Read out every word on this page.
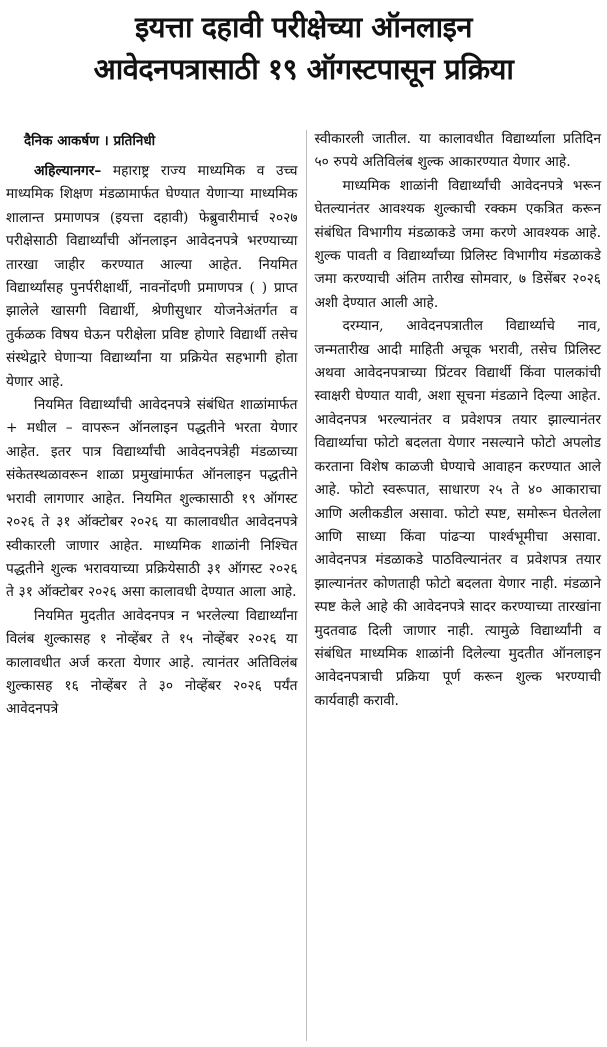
इयत्ता दहावी परीक्षेच्या ऑनलाइन
आवेदनपत्रासाठी १९ ऑगस्टपासून प्रक्रिया
दैनिक आकर्षण । प्रतिनिधी

अहिल्यानगर– महाराष्ट्र राज्य माध्यमिक व उच्च माध्यमिक शिक्षण मंडळामार्फत घेण्यात येणाऱ्या माध्यमिक शालान्त प्रमाणपत्र (इयत्ता दहावी) फेब्रुवारीमार्च २०२७ परीक्षेसाठी विद्यार्थ्यांची ऑनलाइन आवेदनपत्रे भरण्याच्या तारखा जाहीर करण्यात आल्या आहेत. नियमित विद्यार्थ्यांसह पुनर्परीक्षार्थी, नावनोंदणी प्रमाणपत्र ( ) प्राप्त झालेले खासगी विद्यार्थी, श्रेणीसुधार योजनेअंतर्गत व तुर्कळक विषय घेऊन परीक्षेला प्रविष्ट होणारे विद्यार्थी तसेच संस्थेद्वारे घेणाऱ्या विद्यार्थ्यांना या प्रक्रियेत सहभागी होता येणार आहे.

नियमित विद्यार्थ्यांची आवेदनपत्रे संबंधित शाळांमार्फत + मधील – वापरून ऑनलाइन पद्धतीने भरता येणार आहेत. इतर पात्र विद्यार्थ्यांची आवेदनपत्रेही मंडळाच्या संकेतस्थळावरून शाळा प्रमुखांमार्फत ऑनलाइन पद्धतीने भरावी लागणार आहेत. नियमित शुल्कासाठी १९ ऑगस्ट २०२६ ते ३१ ऑक्टोबर २०२६ या कालावधीत आवेदनपत्रे स्वीकारली जाणार आहेत. माध्यमिक शाळांनी निश्चित पद्धतीने शुल्क भरावयाच्या प्रक्रियेसाठी ३१ ऑगस्ट २०२६ ते ३१ ऑक्टोबर २०२६ असा कालावधी देण्यात आला आहे.

नियमित मुदतीत आवेदनपत्र न भरलेल्या विद्यार्थ्यांना विलंब शुल्कासह १ नोव्हेंबर ते १५ नोव्हेंबर २०२६ या कालावधीत अर्ज करता येणार आहे. त्यानंतर अतिविलंब शुल्कासह १६ नोव्हेंबर ते ३० नोव्हेंबर २०२६ पर्यंत आवेदनपत्रे

स्वीकारली जातील. या कालावधीत विद्यार्थ्याला प्रतिदिन ५० रुपये अतिविलंब शुल्क आकारण्यात येणार आहे.

माध्यमिक शाळांनी विद्यार्थ्यांची आवेदनपत्रे भरून घेतल्यानंतर आवश्यक शुल्काची रक्कम एकत्रित करून संबंधित विभागीय मंडळाकडे जमा करणे आवश्यक आहे. शुल्क पावती व विद्यार्थ्यांच्या प्रिलिस्ट विभागीय मंडळाकडे जमा करण्याची अंतिम तारीख सोमवार, ७ डिसेंबर २०२६ अशी देण्यात आली आहे.

दरम्यान, आवेदनपत्रातील विद्यार्थ्याचे नाव, जन्मतारीख आदी माहिती अचूक भरावी, तसेच प्रिलिस्ट अथवा आवेदनपत्राच्या प्रिंटवर विद्यार्थी किंवा पालकांची स्वाक्षरी घेण्यात यावी, अशा सूचना मंडळाने दिल्या आहेत. आवेदनपत्र भरल्यानंतर व प्रवेशपत्र तयार झाल्यानंतर विद्यार्थ्याचा फोटो बदलता येणार नसल्याने फोटो अपलोड करताना विशेष काळजी घेण्याचे आवाहन करण्यात आले आहे. फोटो स्वरूपात, साधारण २५ ते ४० आकाराचा आणि अलीकडील असावा. फोटो स्पष्ट, समोरून घेतलेला आणि साध्या किंवा पांढऱ्या पार्श्वभूमीचा असावा. आवेदनपत्र मंडळाकडे पाठविल्यानंतर व प्रवेशपत्र तयार झाल्यानंतर कोणताही फोटो बदलता येणार नाही. मंडळाने स्पष्ट केले आहे की आवेदनपत्रे सादर करण्याच्या तारखांना मुदतवाढ दिली जाणार नाही. त्यामुळे विद्यार्थ्यांनी व संबंधित माध्यमिक शाळांनी दिलेल्या मुदतीत ऑनलाइन आवेदनपत्राची प्रक्रिया पूर्ण करून शुल्क भरण्याची कार्यवाही करावी.
